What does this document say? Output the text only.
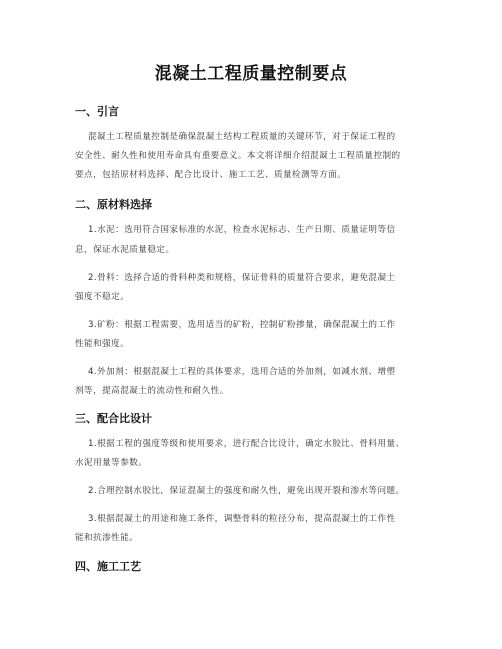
混凝土工程质量控制要点
一、引言
混凝土工程质量控制是确保混凝土结构工程质量的关键环节，对于保证工程的
安全性、耐久性和使用寿命具有重要意义。本文将详细介绍混凝土工程质量控制的
要点，包括原材料选择、配合比设计、施工工艺、质量检测等方面。
二、原材料选择
1.水泥：选用符合国家标准的水泥，检查水泥标志、生产日期、质量证明等信
息，保证水泥质量稳定。
2.骨料：选择合适的骨料种类和规格，保证骨料的质量符合要求，避免混凝土
强度不稳定。
3.矿粉：根据工程需要，选用适当的矿粉，控制矿粉掺量，确保混凝土的工作
性能和强度。
4.外加剂：根据混凝土工程的具体要求，选用合适的外加剂，如减水剂、增塑
剂等，提高混凝土的流动性和耐久性。
三、配合比设计
1.根据工程的强度等级和使用要求，进行配合比设计，确定水胶比、骨料用量、
水泥用量等参数。
2.合理控制水胶比，保证混凝土的强度和耐久性，避免出现开裂和渗水等问题。
3.根据混凝土的用途和施工条件，调整骨料的粒径分布，提高混凝土的工作性
能和抗渗性能。
四、施工工艺
